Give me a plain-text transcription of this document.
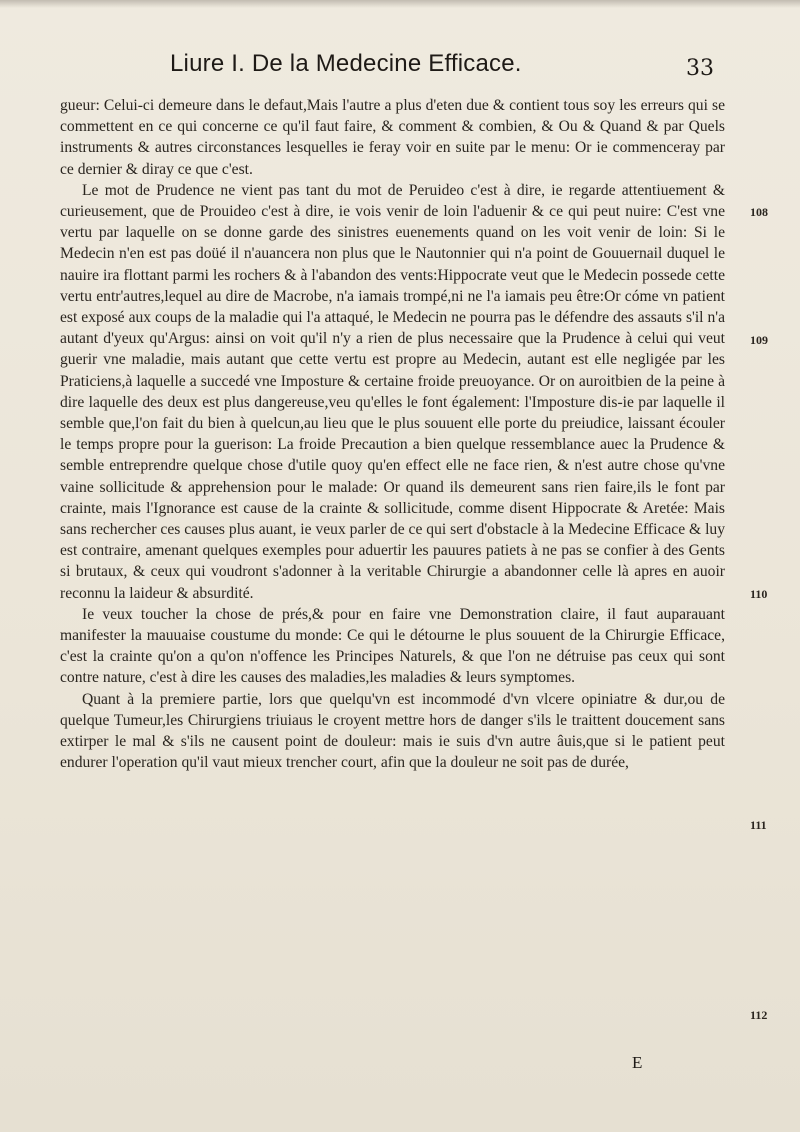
Liure I. De la Medecine Efficace.	33

gueur: Celui-ci demeure dans le defaut,Mais l'autre a plus d'eten due & contient tous soy les erreurs qui se commettent en ce qui concerne ce qu'il faut faire, & comment & combien, & Ou & Quand & par Quels instruments & autres circonstances lesquelles ie feray voir en suite par le menu: Or ie commenceray par ce dernier & diray ce que c'est.

Le mot de Prudence ne vient pas tant du mot de Peruideo c'est à dire, ie regarde attentiuement & curieusement, que de Prouideo c'est à dire, ie vois venir de loin l'aduenir & ce qui peut nuire: C'est vne vertu par laquelle on se donne garde des sinistres euenements quand on les voit venir de loin: Si le Medecin n'en est pas doüé il n'auancera non plus que le Nautonnier qui n'a point de Gouuernail duquel le nauire ira flottant parmi les rochers & à l'abandon des vents:Hippocrate veut que le Medecin possede cette vertu entr'autres,lequel au dire de Macrobe, n'a iamais trompé,ni ne l'a iamais peu être:Or cóme vn patient est exposé aux coups de la maladie qui l'a attaqué, le Medecin ne pourra pas le défendre des assauts s'il n'a autant d'yeux qu'Argus: ainsi on voit qu'il n'y a rien de plus necessaire que la Prudence à celui qui veut guerir vne maladie, mais autant que cette vertu est propre au Medecin, autant est elle negligée par les Praticiens,à laquelle a succedé vne Imposture & certaine froide preuoyance. Or on auroitbien de la peine à dire laquelle des deux est plus dangereuse,veu qu'elles le font également: l'Imposture dis-ie par laquelle il semble que,l'on fait du bien à quelcun,au lieu que le plus souuent elle porte du preiudice, laissant écouler le temps propre pour la guerison: La froide Precaution a bien quelque ressemblance auec la Prudence & semble entreprendre quelque chose d'utile quoy qu'en effect elle ne face rien, & n'est autre chose qu'vne vaine sollicitude & apprehension pour le malade: Or quand ils demeurent sans rien faire,ils le font par crainte, mais l'Ignorance est cause de la crainte & sollicitude, comme disent Hippocrate & Aretée: Mais sans rechercher ces causes plus auant, ie veux parler de ce qui sert d'obstacle à la Medecine Efficace & luy est contraire, amenant quelques exemples pour aduertir les pauures patiets à ne pas se confier à des Gents si brutaux, & ceux qui voudront s'adonner à la veritable Chirurgie a abandonner celle là apres en auoir reconnu la laideur & absurdité.

Ie veux toucher la chose de prés,& pour en faire vne Demonstration claire, il faut auparauant manifester la mauuaise coustume du monde: Ce qui le détourne le plus souuent de la Chirurgie Efficace, c'est la crainte qu'on a qu'on n'offence les Principes Naturels, & que l'on ne détruise pas ceux qui sont contre nature, c'est à dire les causes des maladies,les maladies & leurs symptomes.

Quant à la premiere partie, lors que quelqu'vn est incommodé d'vn vlcere opiniatre & dur,ou de quelque Tumeur,les Chirurgiens triuiaus le croyent mettre hors de danger s'ils le traittent doucement sans extirper le mal & s'ils ne causent point de douleur: mais ie suis d'vn autre âuis,que si le patient peut endurer l'operation qu'il vaut mieux trencher court, afin que la douleur ne soit pas de durée,

108
109
110
111
112
E
